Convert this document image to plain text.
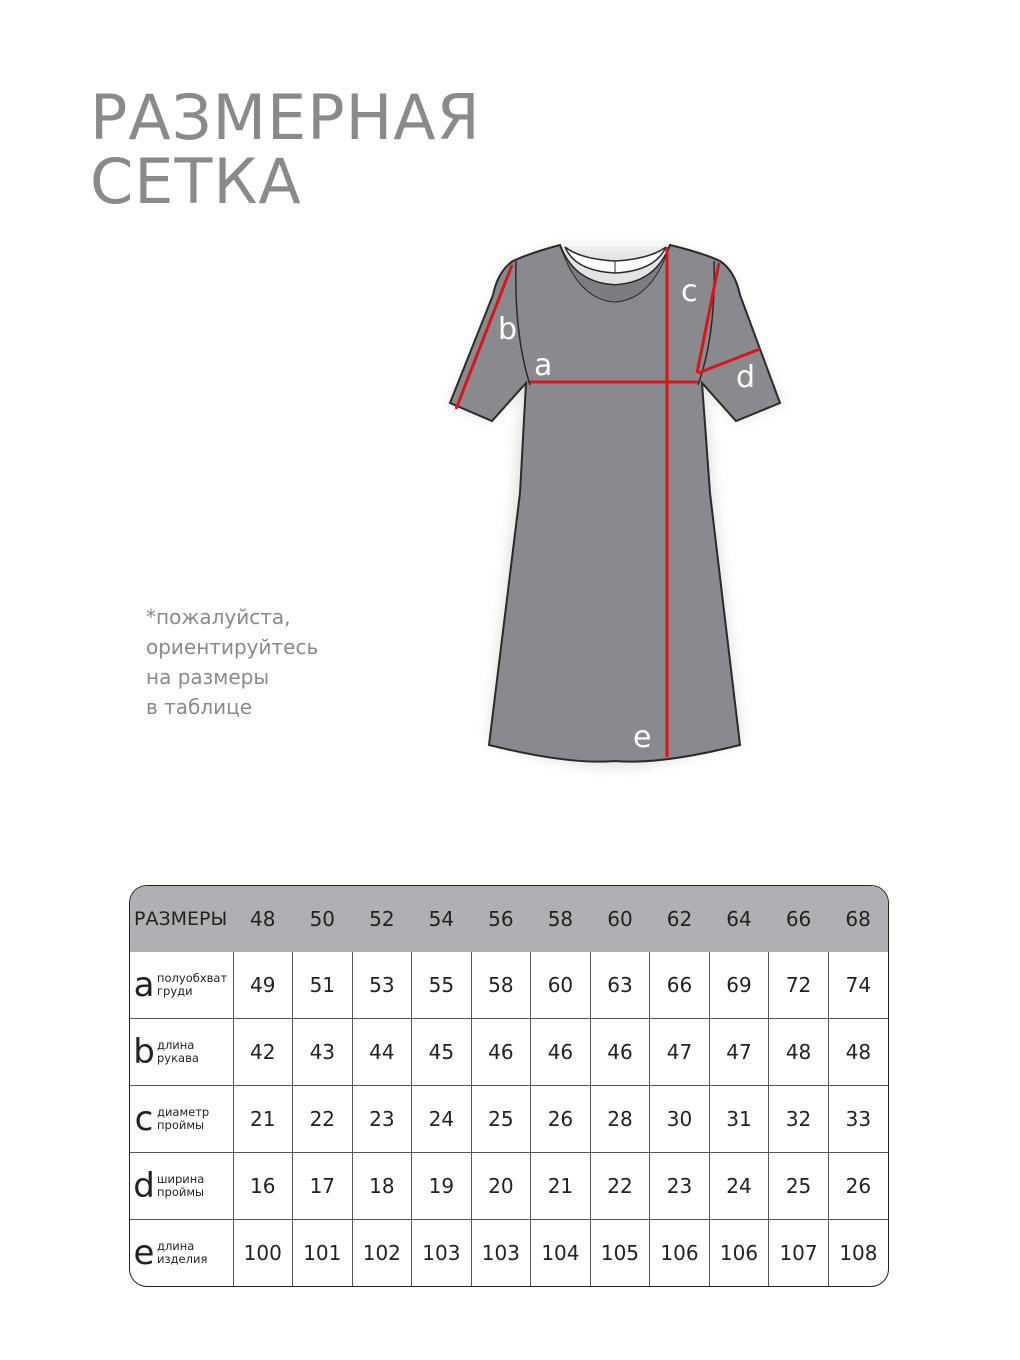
РАЗМЕРНАЯ
СЕТКА
a
b
c
d
e
*пожалуйста,
ориентируйтесь
на размеры
в таблице
РАЗМЕРЫ	48	50	52	54	56	58	60	62	64	66	68
a полуобхват
груди	49	51	53	55	58	60	63	66	69	72	74
b длина
рукава	42	43	44	45	46	46	46	47	47	48	48
c диаметр
проймы	21	22	23	24	25	26	28	30	31	32	33
d ширина
проймы	16	17	18	19	20	21	22	23	24	25	26
e длина
изделия	100	101	102	103	103	104	105	106	106	107	108
